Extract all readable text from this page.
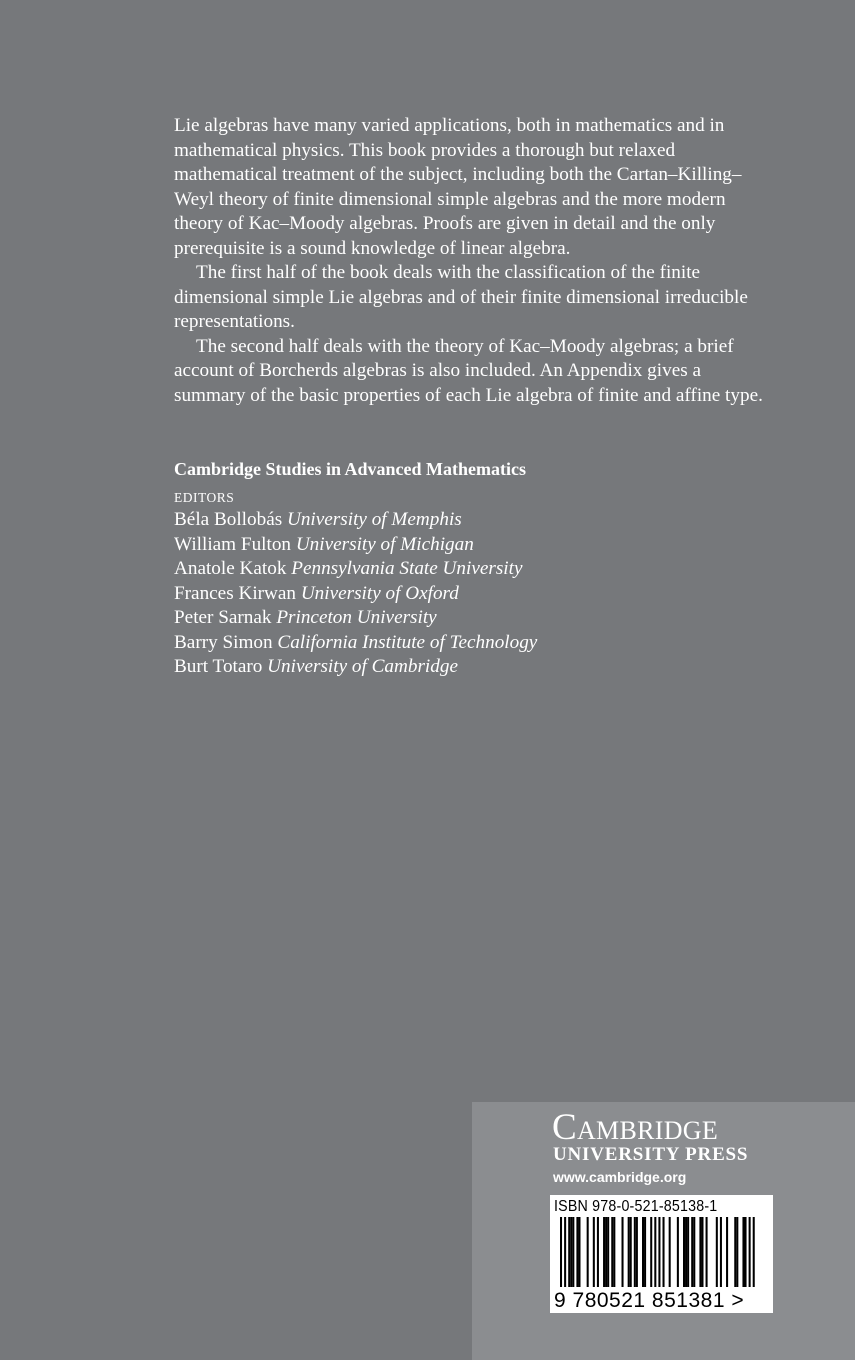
Lie algebras have many varied applications, both in mathematics and in mathematical physics. This book provides a thorough but relaxed mathematical treatment of the subject, including both the Cartan–Killing–Weyl theory of finite dimensional simple algebras and the more modern theory of Kac–Moody algebras. Proofs are given in detail and the only prerequisite is a sound knowledge of linear algebra.

The first half of the book deals with the classification of the finite dimensional simple Lie algebras and of their finite dimensional irreducible representations.

The second half deals with the theory of Kac–Moody algebras; a brief account of Borcherds algebras is also included. An Appendix gives a summary of the basic properties of each Lie algebra of finite and affine type.

Cambridge Studies in Advanced Mathematics
EDITORS
Béla Bollobás University of Memphis
William Fulton University of Michigan
Anatole Katok Pennsylvania State University
Frances Kirwan University of Oxford
Peter Sarnak Princeton University
Barry Simon California Institute of Technology
Burt Totaro University of Cambridge
Cambridge
UNIVERSITY PRESS
www.cambridge.org
ISBN 978-0-521-85138-1
9 780521 851381 >
